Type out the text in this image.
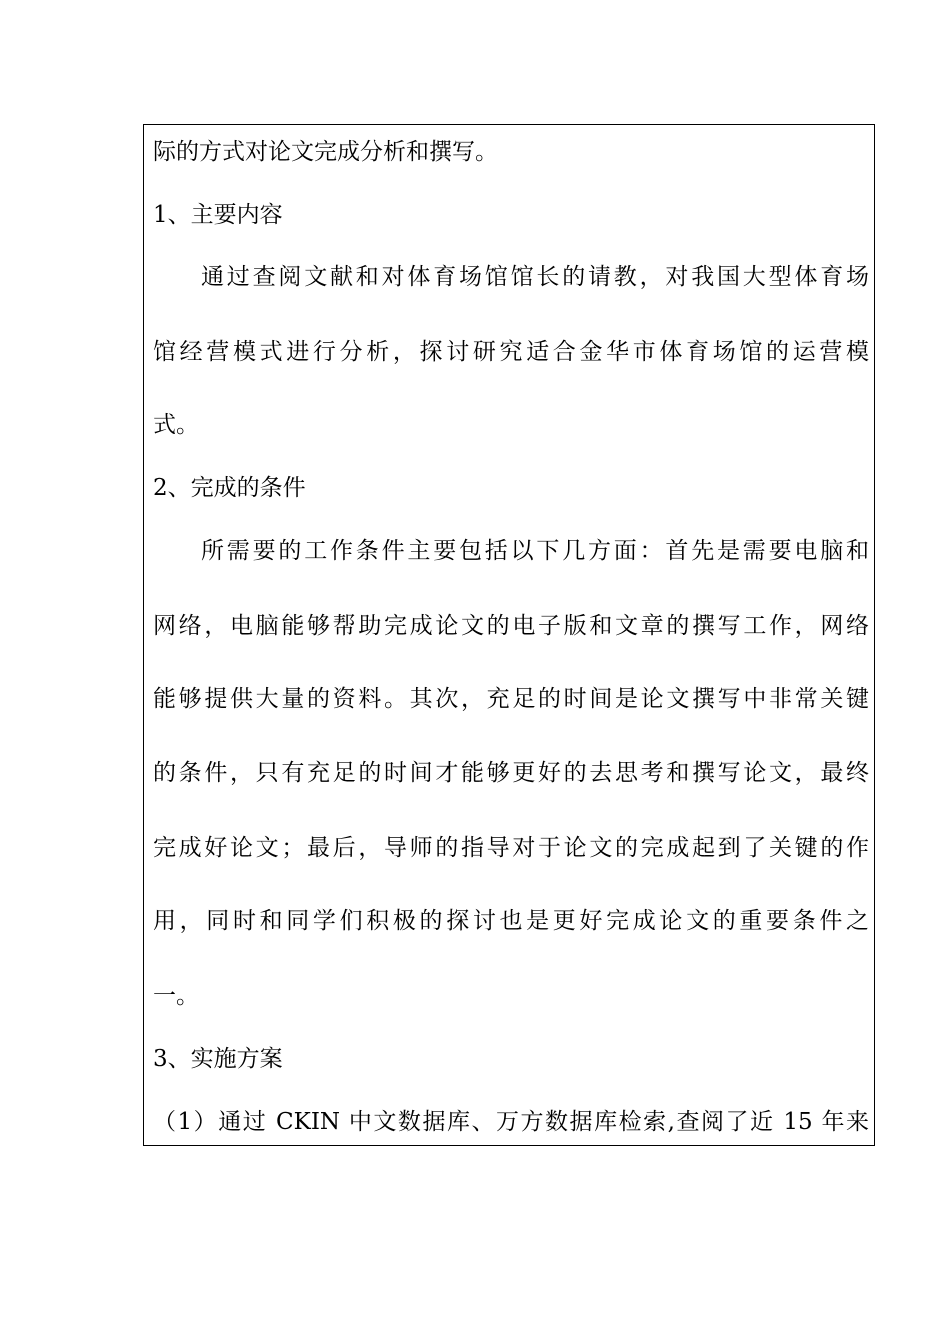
际的方式对论文完成分析和撰写。
1、主要内容
通过查阅文献和对体育场馆馆长的请教，对我国大型体育场
馆经营模式进行分析，探讨研究适合金华市体育场馆的运营模
式。
2、完成的条件
所需要的工作条件主要包括以下几方面：首先是需要电脑和
网络，电脑能够帮助完成论文的电子版和文章的撰写工作，网络
能够提供大量的资料。其次，充足的时间是论文撰写中非常关键
的条件，只有充足的时间才能够更好的去思考和撰写论文，最终
完成好论文；最后，导师的指导对于论文的完成起到了关键的作
用，同时和同学们积极的探讨也是更好完成论文的重要条件之
一。
3、实施方案
（1）通过 CKIN 中文数据库、万方数据库检索,查阅了近 15 年来
